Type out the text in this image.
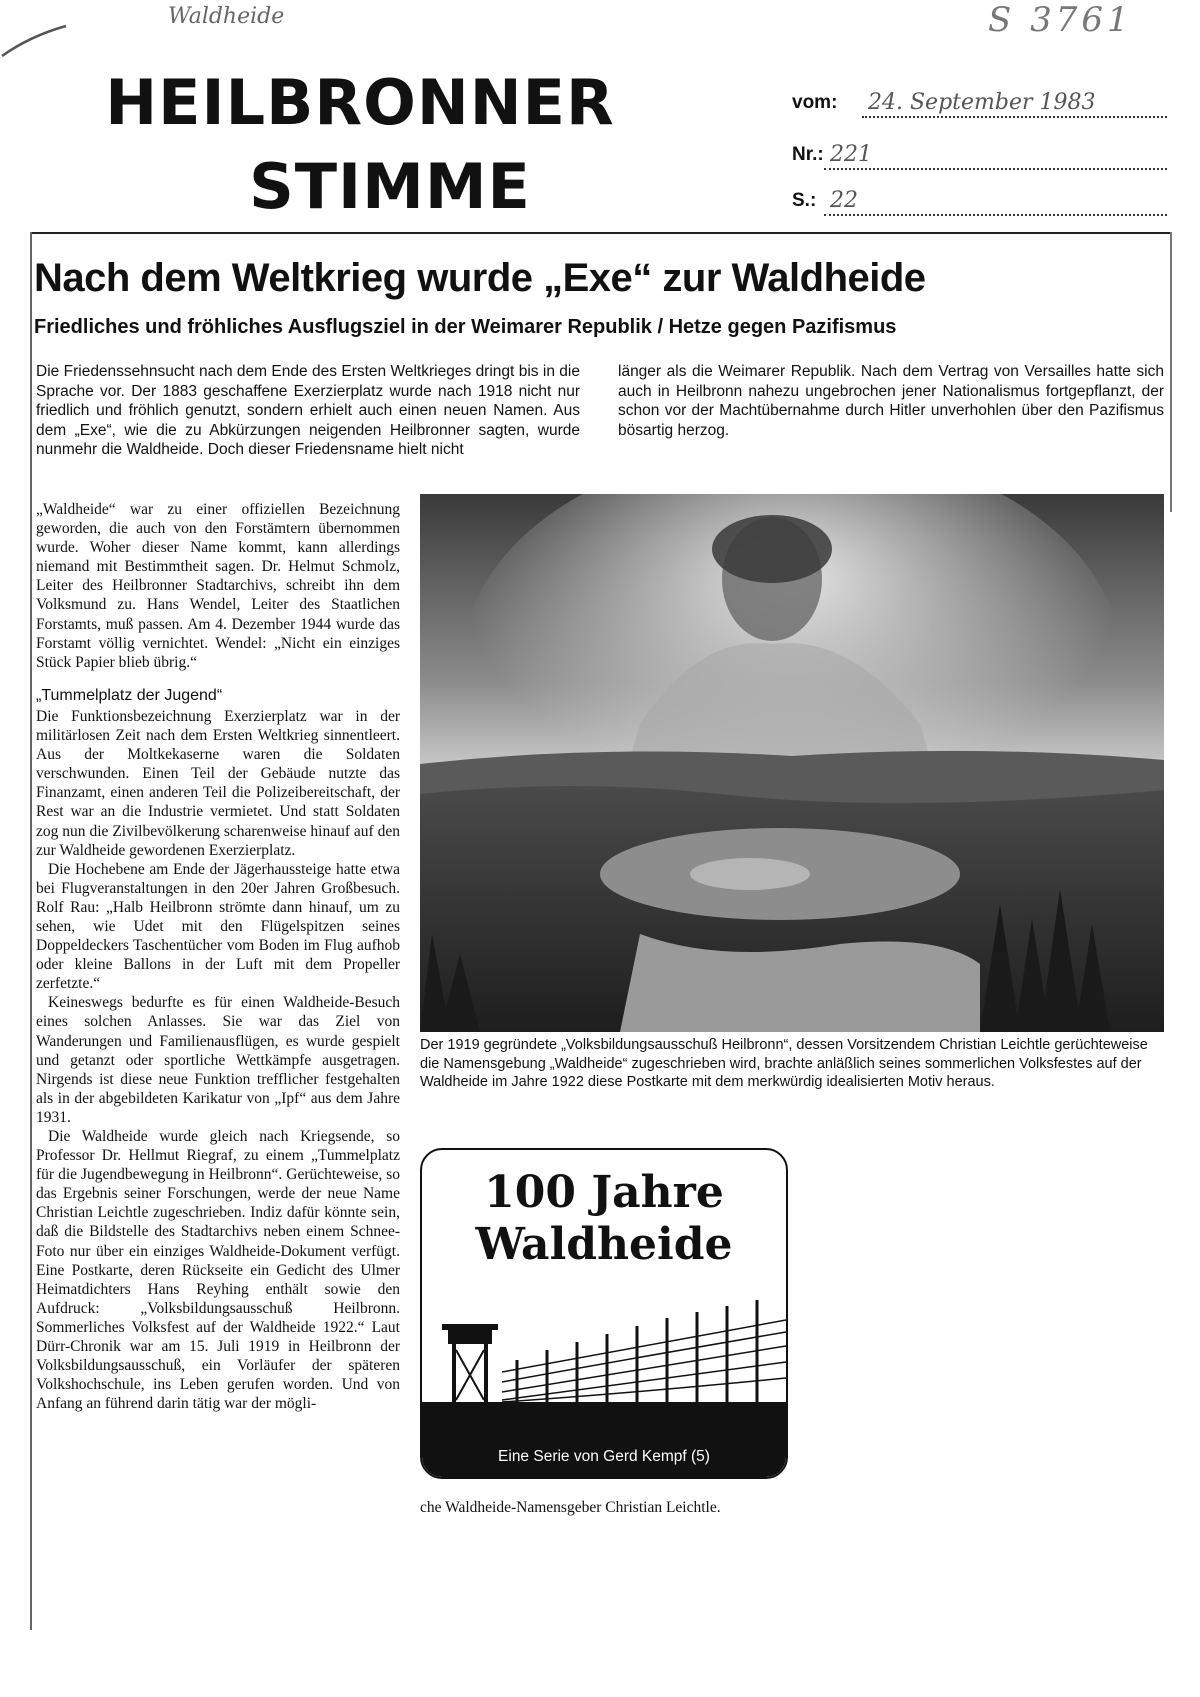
Waldheide	S 3761
HEILBRONNER
STIMME
vom: 24. September 1983
Nr.: 221
S.: 22
Nach dem Weltkrieg wurde „Exe“ zur Waldheide
Friedliches und fröhliches Ausflugsziel in der Weimarer Republik / Hetze gegen Pazifismus
Die Friedenssehnsucht nach dem Ende des Ersten Weltkrieges dringt bis in die Sprache vor. Der 1883 geschaffene Exerzierplatz wurde nach 1918 nicht nur friedlich und fröhlich genutzt, sondern erhielt auch einen neuen Namen. Aus dem „Exe“, wie die zu Abkürzungen neigenden Heilbronner sagten, wurde nunmehr die Waldheide. Doch dieser Friedensname hielt nicht
länger als die Weimarer Republik. Nach dem Vertrag von Versailles hatte sich auch in Heilbronn nahezu ungebrochen jener Nationalismus fortgepflanzt, der schon vor der Machtübernahme durch Hitler unverhohlen über den Pazifismus bösartig herzog.

„Waldheide“ war zu einer offiziellen Bezeichnung geworden, die auch von den Forstämtern übernommen wurde. Woher dieser Name kommt, kann allerdings niemand mit Bestimmtheit sagen. Dr. Helmut Schmolz, Leiter des Heilbronner Stadtarchivs, schreibt ihn dem Volksmund zu. Hans Wendel, Leiter des Staatlichen Forstamts, muß passen. Am 4. Dezember 1944 wurde das Forstamt völlig vernichtet. Wendel: „Nicht ein einziges Stück Papier blieb übrig.“

„Tummelplatz der Jugend“

Die Funktionsbezeichnung Exerzierplatz war in der militärlosen Zeit nach dem Ersten Weltkrieg sinnentleert. Aus der Moltkekaserne waren die Soldaten verschwunden. Einen Teil der Gebäude nutzte das Finanzamt, einen anderen Teil die Polizeibereitschaft, der Rest war an die Industrie vermietet. Und statt Soldaten zog nun die Zivilbevölkerung scharenweise hinauf auf den zur Waldheide gewordenen Exerzierplatz.

Die Hochebene am Ende der Jägerhaussteige hatte etwa bei Flugveranstaltungen in den 20er Jahren Großbesuch. Rolf Rau: „Halb Heilbronn strömte dann hinauf, um zu sehen, wie Udet mit den Flügelspitzen seines Doppeldeckers Taschentücher vom Boden im Flug aufhob oder kleine Ballons in der Luft mit dem Propeller zerfetzte.“

Keineswegs bedurfte es für einen Waldheide-Besuch eines solchen Anlasses. Sie war das Ziel von Wanderungen und Familienausflügen, es wurde gespielt und getanzt oder sportliche Wettkämpfe ausgetragen. Nirgends ist diese neue Funktion trefflicher festgehalten als in der abgebildeten Karikatur von „Ipf“ aus dem Jahre 1931.

Die Waldheide wurde gleich nach Kriegsende, so Professor Dr. Hellmut Riegraf, zu einem „Tummelplatz für die Jugendbewegung in Heilbronn“. Gerüchteweise, so das Ergebnis seiner Forschungen, werde der neue Name Christian Leichtle zugeschrieben. Indiz dafür könnte sein, daß die Bildstelle des Stadtarchivs neben einem Schnee-Foto nur über ein einziges Waldheide-Dokument verfügt. Eine Postkarte, deren Rückseite ein Gedicht des Ulmer Heimatdichters Hans Reyhing enthält sowie den Aufdruck: „Volksbildungsausschuß Heilbronn. Sommerliches Volksfest auf der Waldheide 1922.“ Laut Dürr-Chronik war am 15. Juli 1919 in Heilbronn der Volksbildungsausschuß, ein Vorläufer der späteren Volkshochschule, ins Leben gerufen worden. Und von Anfang an führend darin tätig war der mögli-

Der 1919 gegründete „Volksbildungsausschuß Heilbronn“, dessen Vorsitzendem Christian Leichtle gerüchteweise die Namensgebung „Waldheide“ zugeschrieben wird, brachte anläßlich seines sommerlichen Volksfestes auf der Waldheide im Jahre 1922 diese Postkarte mit dem merkwürdig idealisierten Motiv heraus.
100 Jahre
Waldheide
Eine Serie von Gerd Kempf (5)

che Waldheide-Namensgeber Christian Leichtle.
